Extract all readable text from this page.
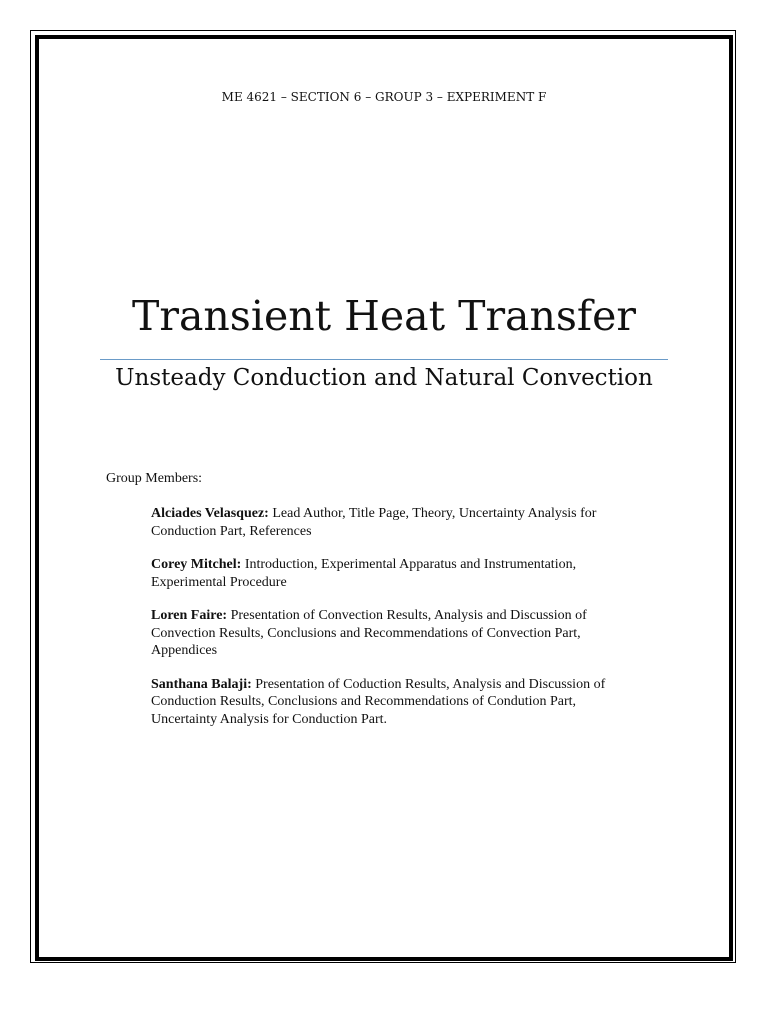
ME 4621 – SECTION 6 – GROUP 3 – EXPERIMENT F
Transient Heat Transfer
Unsteady Conduction and Natural Convection
Group Members:

Alciades Velasquez: Lead Author, Title Page, Theory, Uncertainty Analysis for
Conduction Part, References

Corey Mitchel: Introduction, Experimental Apparatus and Instrumentation,
Experimental Procedure

Loren Faire: Presentation of Convection Results, Analysis and Discussion of
Convection Results, Conclusions and Recommendations of Convection Part,
Appendices

Santhana Balaji: Presentation of Coduction Results, Analysis and Discussion of
Conduction Results, Conclusions and Recommendations of Condution Part,
Uncertainty Analysis for Conduction Part.
